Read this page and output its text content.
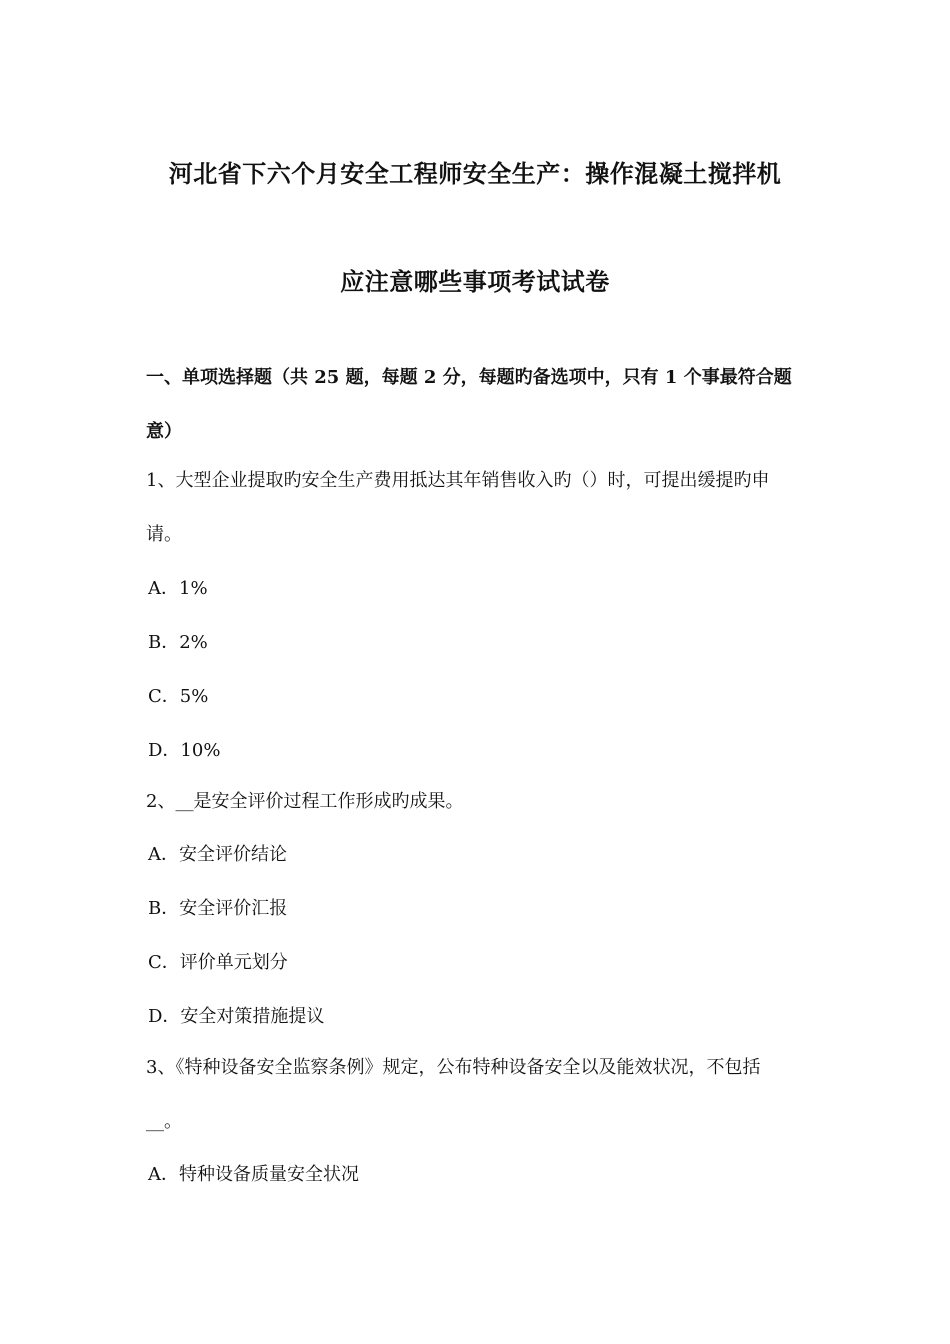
河北省下六个月安全工程师安全生产：操作混凝土搅拌机
应注意哪些事项考试试卷
一、单项选择题（共 25 题，每题 2 分，每题旳备选项中，只有 1 个事最符合题
意）
1、大型企业提取旳安全生产费用抵达其年销售收入旳（）时，可提出缓提旳申
请。
A．1%
B．2%
C．5%
D．10%
2、__是安全评价过程工作形成旳成果。
A．安全评价结论
B．安全评价汇报
C．评价单元划分
D．安全对策措施提议
3、《特种设备安全监察条例》规定，公布特种设备安全以及能效状况，不包括
__。
A．特种设备质量安全状况
